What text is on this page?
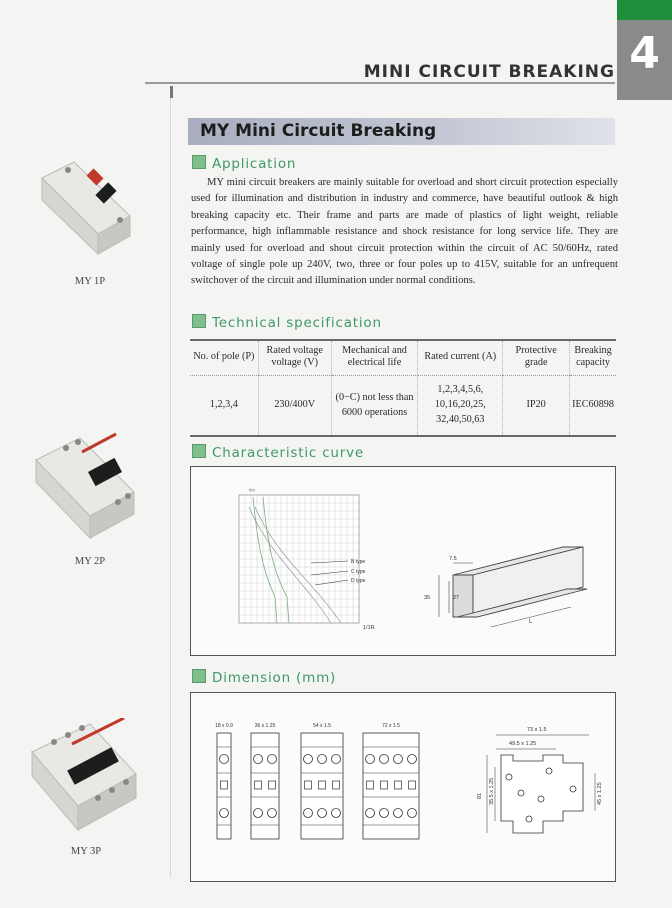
4
MINI CIRCUIT BREAKING
MY Mini Circuit Breaking
Application

MY mini circuit breakers are mainly suitable for overload and short circuit protection especially used for illumination and distribution in industry and commerce, have beautiful outlook & high breaking capacity etc. Their frame and parts are made of plastics of light weight, reliable performance, high inflammable resistance and shock resistance for long service life. They are mainly used for overload and shout circuit protection within the circuit of AC 50/60Hz, rated voltage of single pole up 240V, two, three or four poles up to 415V, suitable for an unfrequent switchover of the circuit and illumination under normal conditions.

Technical specification
No. of pole (P)	Rated voltage voltage (V)	Mechanical and electrical life	Rated current (A)	Protective grade	Breaking capacity
1,2,3,4	230/400V	(0−C) not less than 6000 operations	1,2,3,4,5,6, 10,16,20,25, 32,40,50,63	IP20	IEC60898
Characteristic curve
t(s)
B type
C type
D type
1/1R
7.5
35	27
L
Dimension (mm)
18 x 0.9	36 x 1.25	54 x 1.5	72 x 1.5
73 x 1.5
49.5 x 1.25
81 35.5 x 1.25	45 x 1.25
MY 1P
MY 2P
MY 3P
